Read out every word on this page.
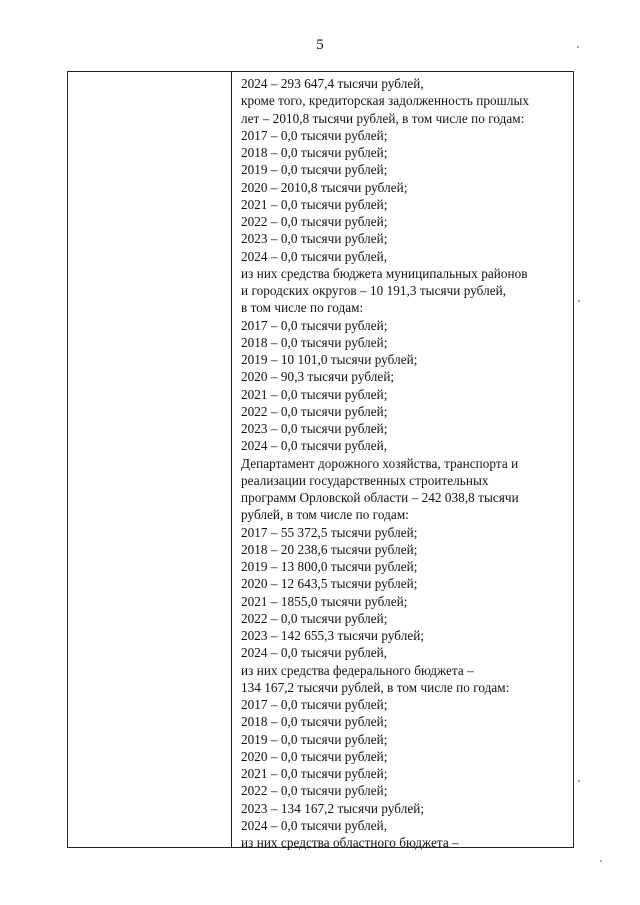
5
2024 – 293 647,4 тысячи рублей,
кроме того, кредиторская задолженность прошлых
лет – 2010,8 тысячи рублей, в том числе по годам:
2017 – 0,0 тысячи рублей;
2018 – 0,0 тысячи рублей;
2019 – 0,0 тысячи рублей;
2020 – 2010,8 тысячи рублей;
2021 – 0,0 тысячи рублей;
2022 – 0,0 тысячи рублей;
2023 – 0,0 тысячи рублей;
2024 – 0,0 тысячи рублей,
из них средства бюджета муниципальных районов
и городских округов – 10 191,3 тысячи рублей,
в том числе по годам:
2017 – 0,0 тысячи рублей;
2018 – 0,0 тысячи рублей;
2019 – 10 101,0 тысячи рублей;
2020 – 90,3 тысячи рублей;
2021 – 0,0 тысячи рублей;
2022 – 0,0 тысячи рублей;
2023 – 0,0 тысячи рублей;
2024 – 0,0 тысячи рублей,
Департамент дорожного хозяйства, транспорта и
реализации государственных строительных
программ Орловской области – 242 038,8 тысячи
рублей, в том числе по годам:
2017 – 55 372,5 тысячи рублей;
2018 – 20 238,6 тысячи рублей;
2019 – 13 800,0 тысячи рублей;
2020 – 12 643,5 тысячи рублей;
2021 – 1855,0 тысячи рублей;
2022 – 0,0 тысячи рублей;
2023 – 142 655,3 тысячи рублей;
2024 – 0,0 тысячи рублей,
из них средства федерального бюджета –
134 167,2 тысячи рублей, в том числе по годам:
2017 – 0,0 тысячи рублей;
2018 – 0,0 тысячи рублей;
2019 – 0,0 тысячи рублей;
2020 – 0,0 тысячи рублей;
2021 – 0,0 тысячи рублей;
2022 – 0,0 тысячи рублей;
2023 – 134 167,2 тысячи рублей;
2024 – 0,0 тысячи рублей,
из них средства областного бюджета –
